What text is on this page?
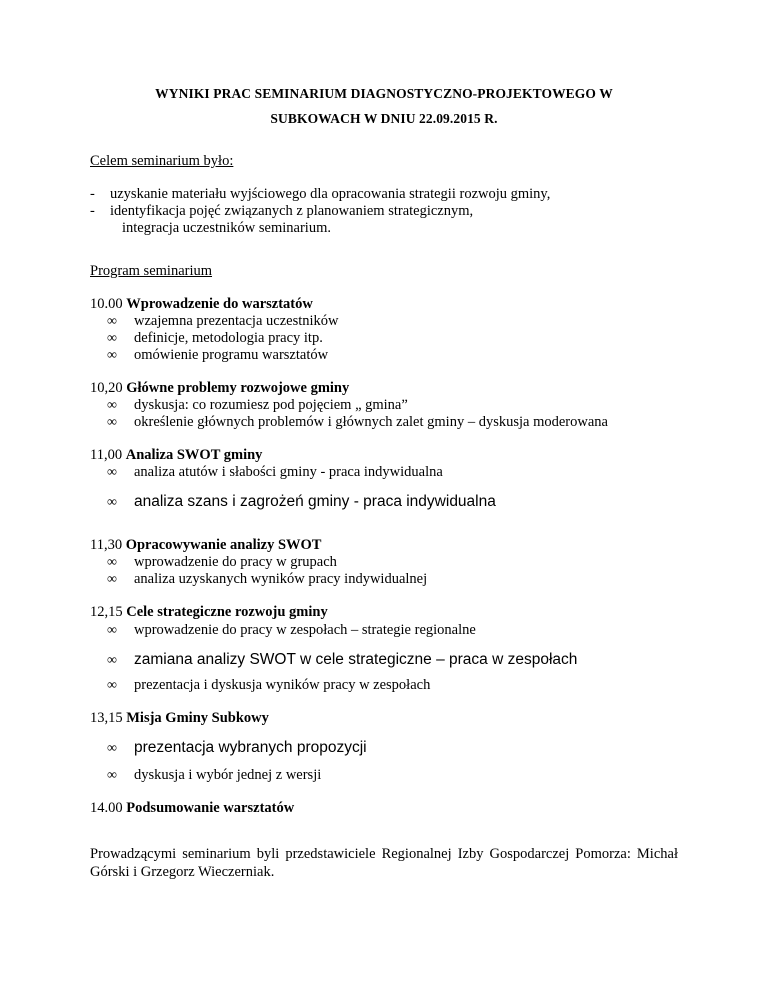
WYNIKI PRAC SEMINARIUM DIAGNOSTYCZNO-PROJEKTOWEGO W
SUBKOWACH W DNIU 22.09.2015 R.
Celem seminarium było:
- uzyskanie materiału wyjściowego dla opracowania strategii rozwoju gminy,
- identyfikacja pojęć związanych z planowaniem strategicznym,
integracja uczestników seminarium.
Program seminarium
10.00 Wprowadzenie do warsztatów
∞ wzajemna prezentacja uczestników
∞ definicje, metodologia pracy itp.
∞ omówienie programu warsztatów
10,20 Główne problemy rozwojowe gminy
∞ dyskusja: co rozumiesz pod pojęciem „ gmina”
∞ określenie głównych problemów i głównych zalet gminy – dyskusja moderowana
11,00 Analiza SWOT gminy
∞ analiza atutów i słabości gminy - praca indywidualna
∞ analiza szans i zagrożeń gminy - praca indywidualna
11,30 Opracowywanie analizy SWOT
∞ wprowadzenie do pracy w grupach
∞ analiza uzyskanych wyników pracy indywidualnej
12,15 Cele strategiczne rozwoju gminy
∞ wprowadzenie do pracy w zespołach – strategie regionalne
∞ zamiana analizy SWOT w cele strategiczne – praca w zespołach
∞ prezentacja i dyskusja wyników pracy w zespołach
13,15 Misja Gminy Subkowy
∞ prezentacja wybranych propozycji
∞ dyskusja i wybór jednej z wersji
14.00 Podsumowanie warsztatów
Prowadzącymi seminarium byli przedstawiciele Regionalnej Izby Gospodarczej Pomorza: Michał Górski i Grzegorz Wieczerniak.
